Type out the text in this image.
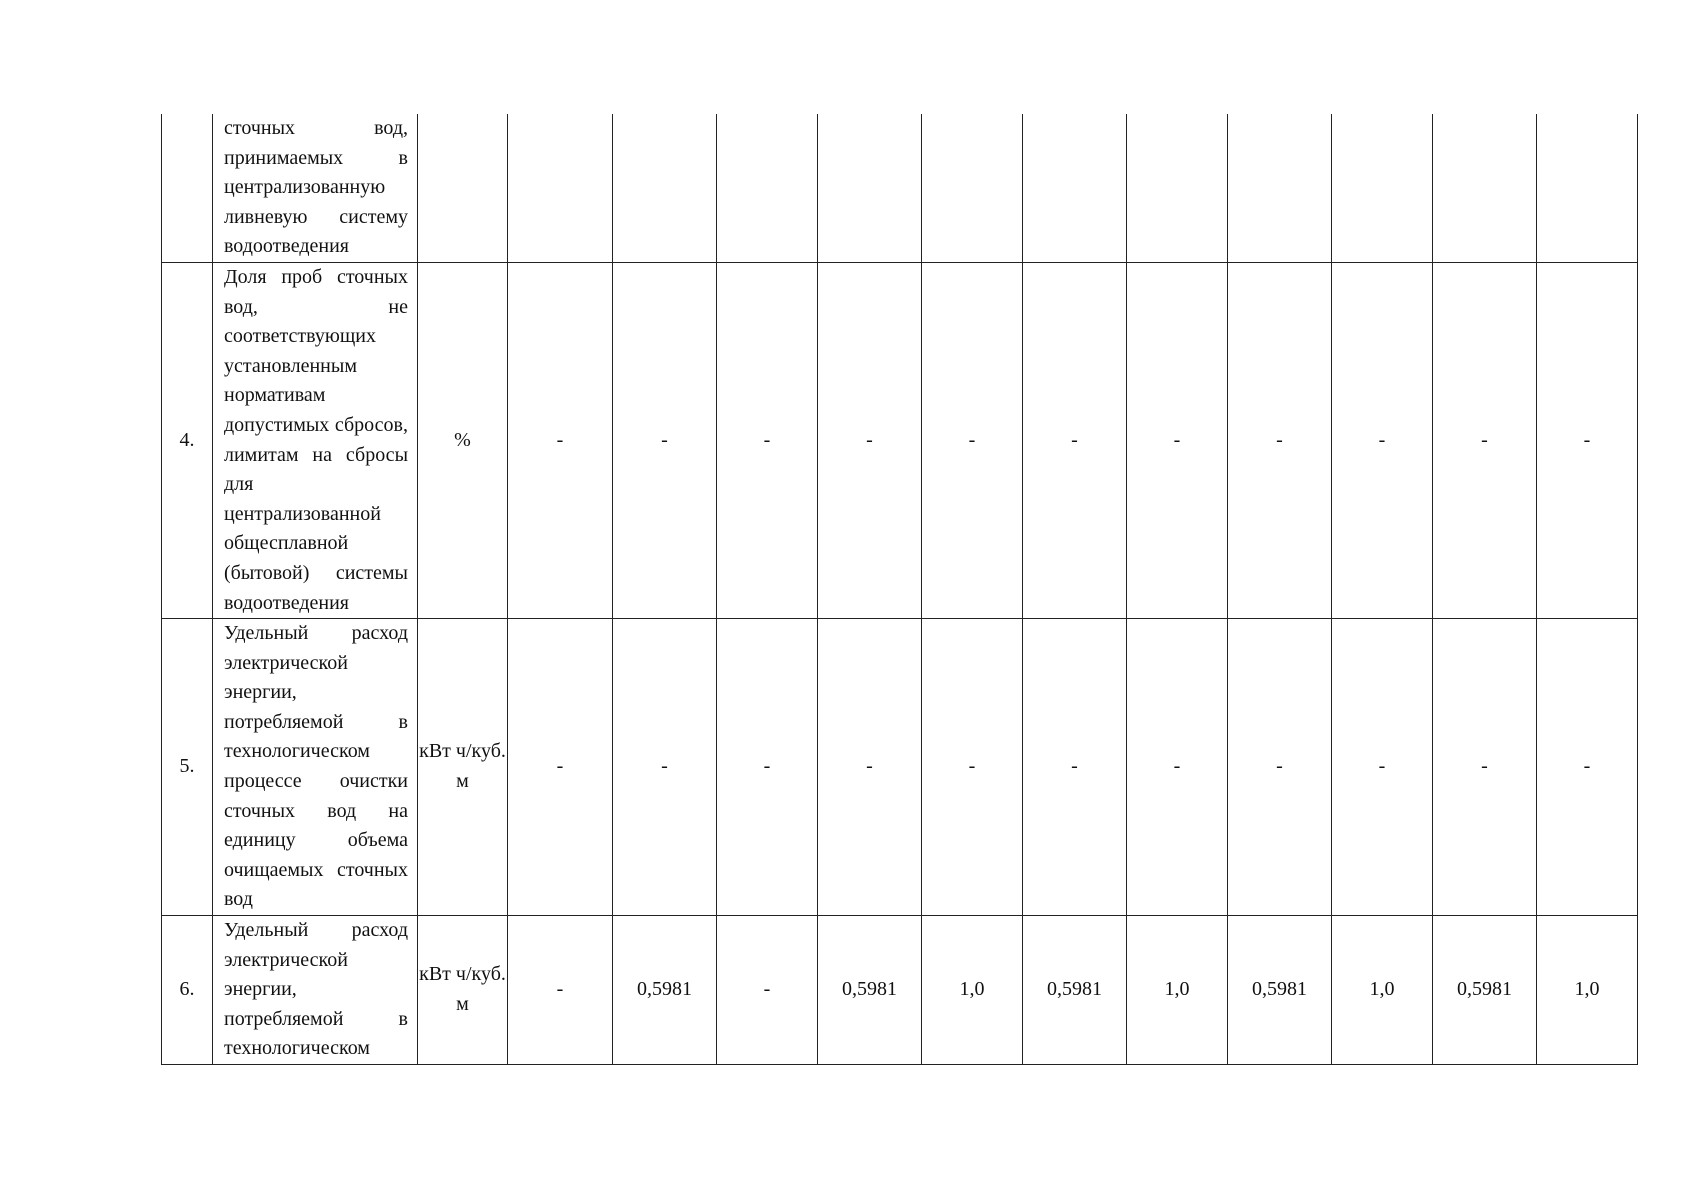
	сточных вод, принимаемых в централизованную ливневую систему водоотведения												
4.	Доля проб сточных вод, не соответствующих установленным нормативам допустимых сбросов, лимитам на сбросы для централизованной общесплавной (бытовой) системы водоотведения	%	-	-	-	-	-	-	-	-	-	-	-
5.	Удельный расход электрической энергии, потребляемой в технологическом процессе очистки сточных вод на единицу объема очищаемых сточных вод	кВт ч/куб. м	-	-	-	-	-	-	-	-	-	-	-
6.	Удельный расход электрической энергии, потребляемой в технологическом	кВт ч/куб. м	-	0,5981	-	0,5981	1,0	0,5981	1,0	0,5981	1,0	0,5981	1,0
